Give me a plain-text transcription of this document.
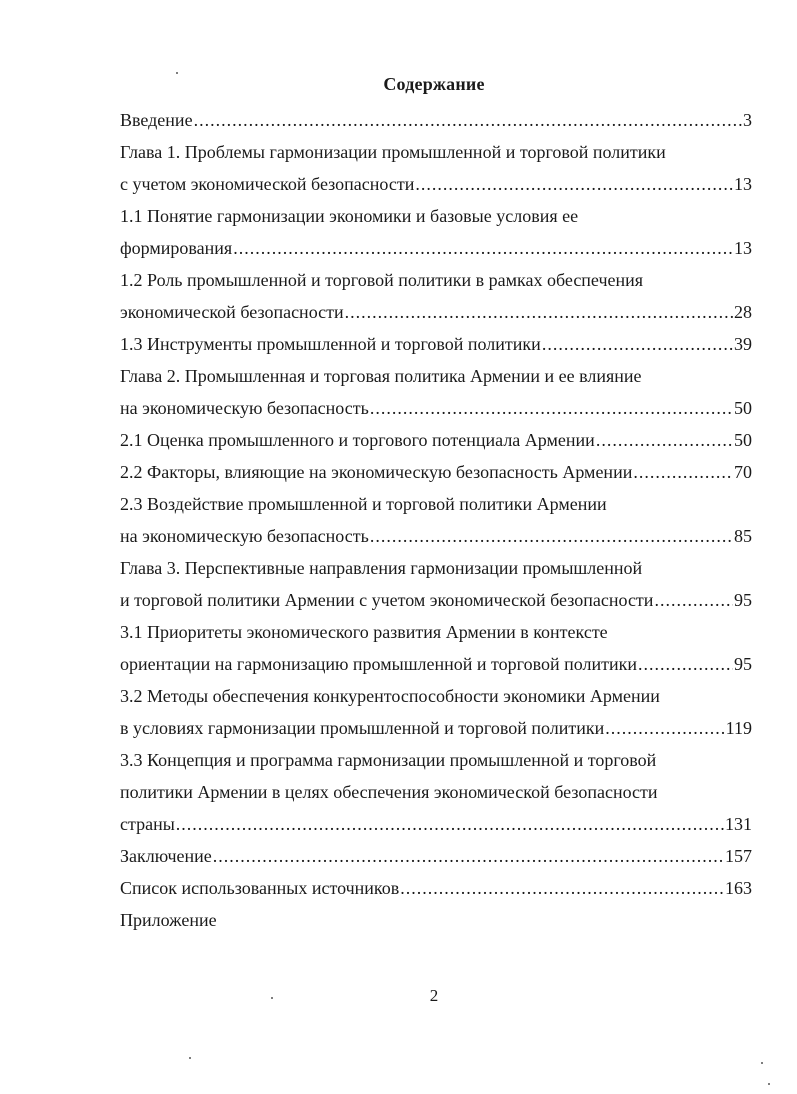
Содержание
Введение .....	3
Глава 1. Проблемы гармонизации промышленной и торговой политики
с учетом экономической безопасности .....	13
1.1 Понятие гармонизации экономики и базовые условия ее
формирования .....	13
1.2 Роль промышленной и торговой политики в рамках обеспечения
экономической безопасности .....	28
1.3 Инструменты промышленной и торговой политики .....	39
Глава 2. Промышленная и торговая политика Армении и ее влияние
на экономическую безопасность .....	50
2.1 Оценка промышленного и торгового потенциала Армении .....	50
2.2 Факторы, влияющие на экономическую безопасность Армении .....	70
2.3 Воздействие промышленной и торговой политики Армении
на экономическую безопасность .....	85
Глава 3. Перспективные направления гармонизации промышленной
и торговой политики Армении с учетом экономической безопасности .....	95
3.1 Приоритеты экономического развития Армении в контексте
ориентации на гармонизацию промышленной и торговой политики .....	95
3.2 Методы обеспечения конкурентоспособности экономики Армении
в условиях гармонизации промышленной и торговой политики .....	119
3.3 Концепция и программа гармонизации промышленной и торговой
политики Армении в целях обеспечения экономической безопасности
страны .....	131
Заключение .....	157
Список использованных источников .....	163
Приложение
2
